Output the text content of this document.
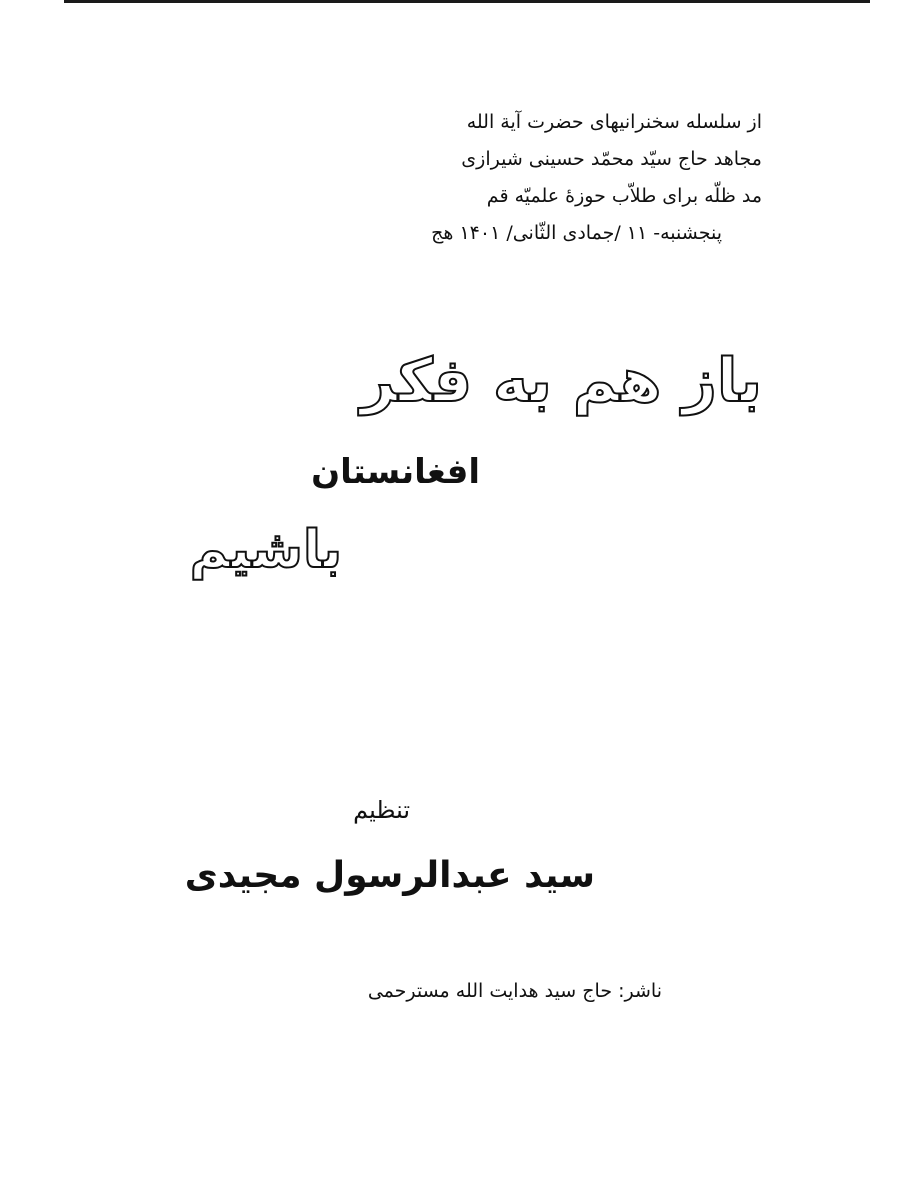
از سلسله سخنرانیهای حضرت آیة الله
مجاهد حاج سیّد محمّد حسینی شیرازی
مد ظلّه برای طلاّب حوزهٔ علمیّه قم
پنجشنبه- ۱۱ /جمادی الثّانی/ ۱۴۰۱ هج
باز هم به فکر
افغانستان
باشیم
تنظیم
سید عبدالرسول مجیدی
ناشر: حاج سید هدایت الله مسترحمی
